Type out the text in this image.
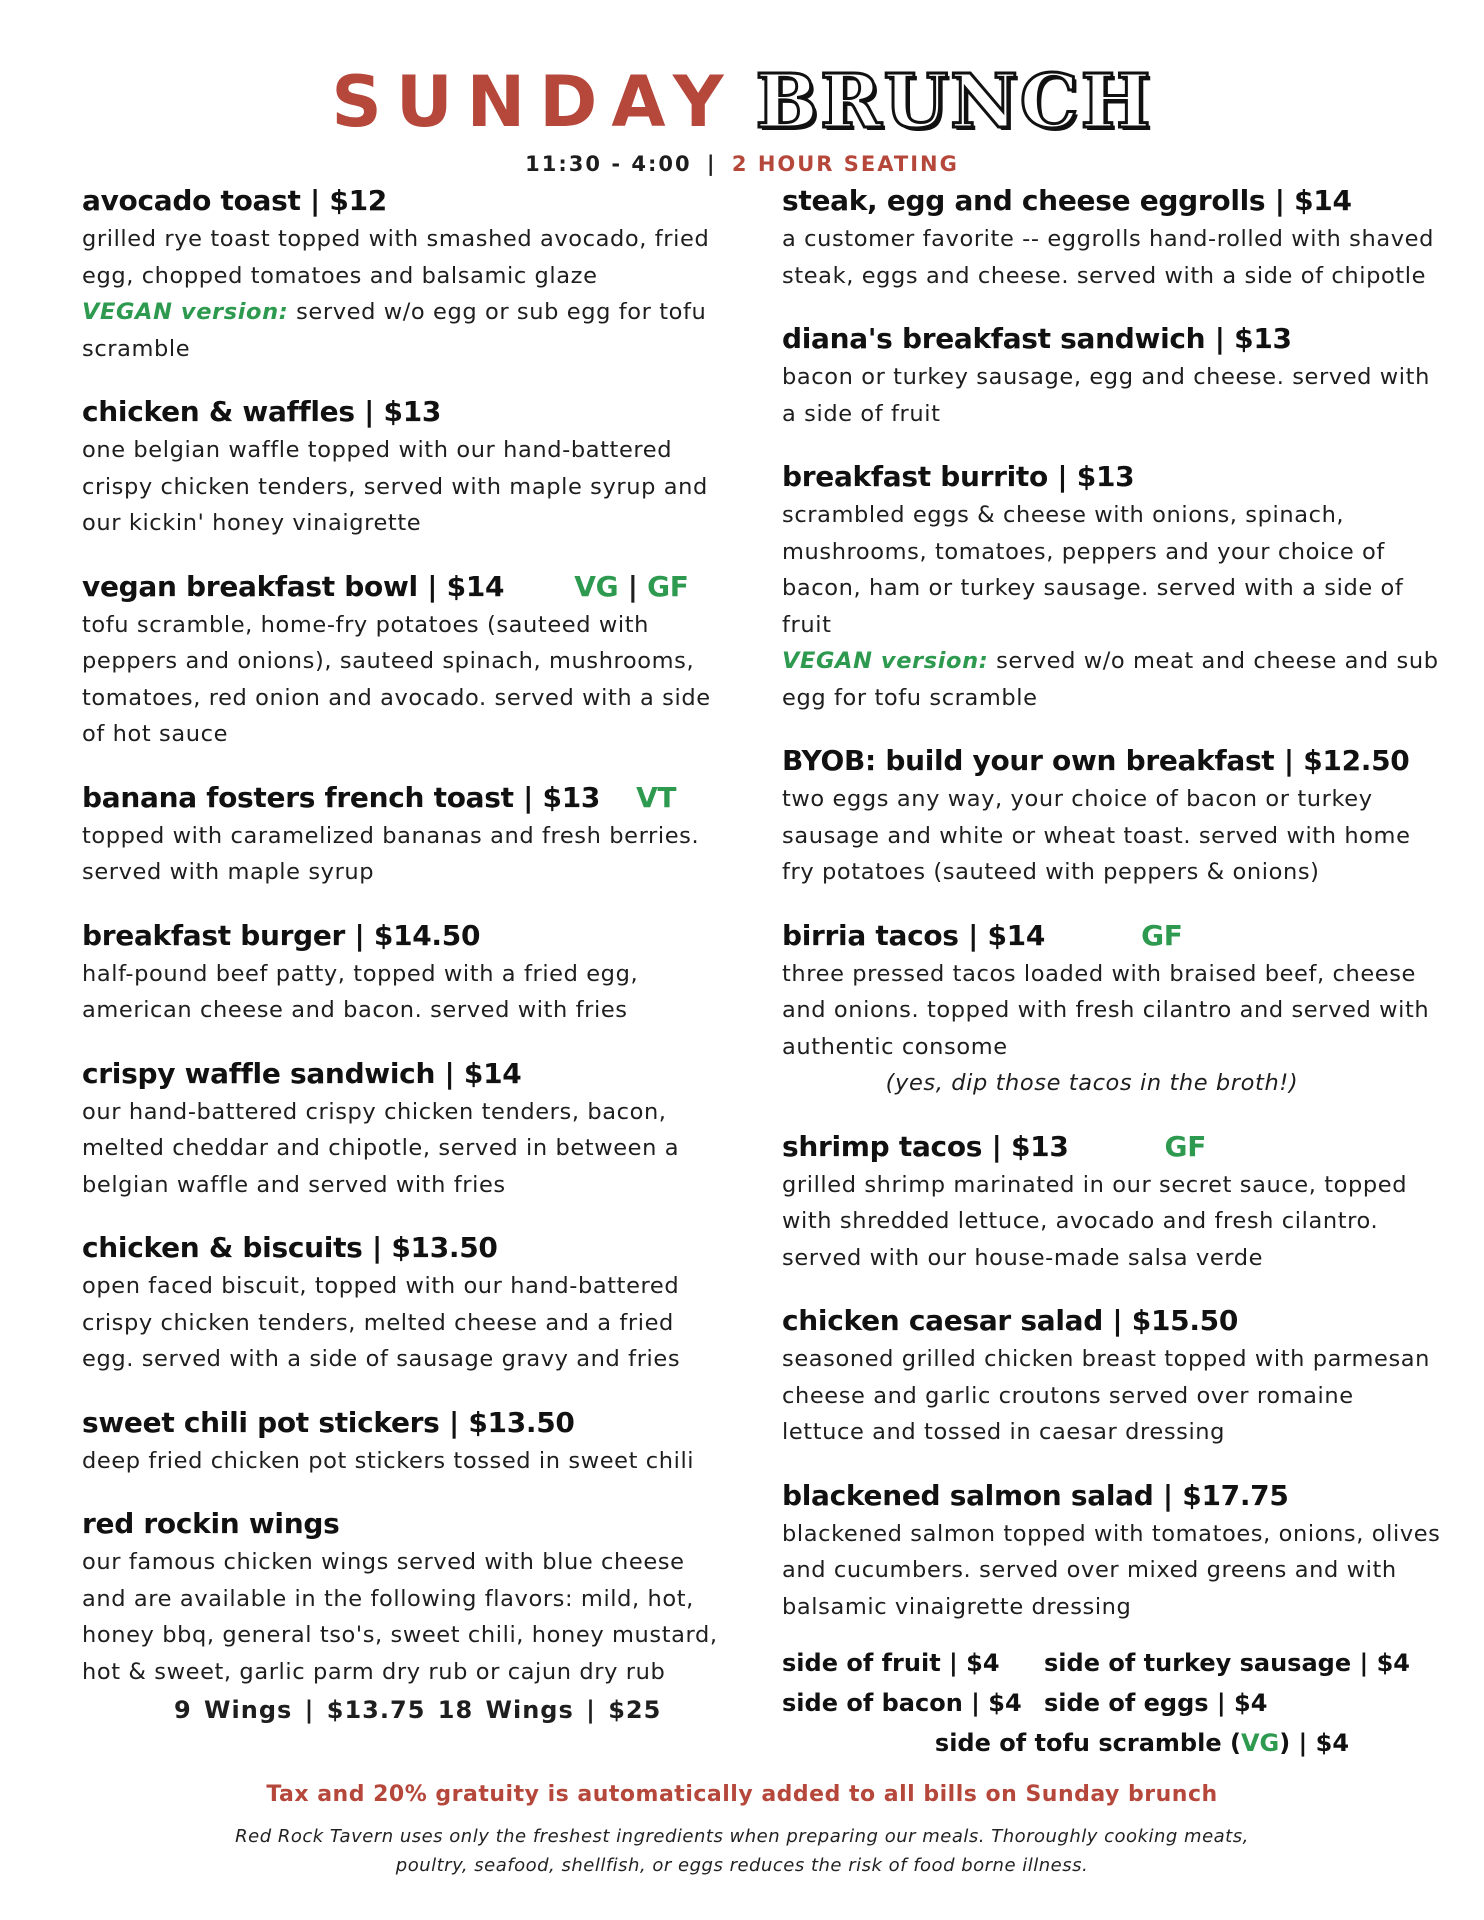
SUNDAY BRUNCH
11:30 - 4:00 | 2 HOUR SEATING
avocado toast | $12
grilled rye toast topped with smashed avocado, fried egg, chopped tomatoes and balsamic glaze
VEGAN version: served w/o egg or sub egg for tofu scramble
chicken & waffles | $13
one belgian waffle topped with our hand-battered crispy chicken tenders, served with maple syrup and our kickin' honey vinaigrette
vegan breakfast bowl | $14	VG | GF
tofu scramble, home-fry potatoes (sauteed with peppers and onions), sauteed spinach, mushrooms, tomatoes, red onion and avocado. served with a side of hot sauce
banana fosters french toast | $13 VT
topped with caramelized bananas and fresh berries. served with maple syrup
breakfast burger | $14.50
half-pound beef patty, topped with a fried egg, american cheese and bacon. served with fries
crispy waffle sandwich | $14
our hand-battered crispy chicken tenders, bacon, melted cheddar and chipotle, served in between a belgian waffle and served with fries
chicken & biscuits | $13.50
open faced biscuit, topped with our hand-battered crispy chicken tenders, melted cheese and a fried egg. served with a side of sausage gravy and fries
sweet chili pot stickers | $13.50
deep fried chicken pot stickers tossed in sweet chili
red rockin wings
our famous chicken wings served with blue cheese and are available in the following flavors: mild, hot, honey bbq, general tso's, sweet chili, honey mustard, hot & sweet, garlic parm dry rub or cajun dry rub
9 Wings | $13.75 18 Wings | $25
steak, egg and cheese eggrolls | $14
a customer favorite -- eggrolls hand-rolled with shaved steak, eggs and cheese. served with a side of chipotle
diana's breakfast sandwich | $13
bacon or turkey sausage, egg and cheese. served with a side of fruit
breakfast burrito | $13
scrambled eggs & cheese with onions, spinach, mushrooms, tomatoes, peppers and your choice of bacon, ham or turkey sausage. served with a side of fruit
VEGAN version: served w/o meat and cheese and sub egg for tofu scramble
BYOB: build your own breakfast | $12.50
two eggs any way, your choice of bacon or turkey sausage and white or wheat toast. served with home fry potatoes (sauteed with peppers & onions)
birria tacos | $14	GF
three pressed tacos loaded with braised beef, cheese and onions. topped with fresh cilantro and served with authentic consome
(yes, dip those tacos in the broth!)
shrimp tacos | $13	GF
grilled shrimp marinated in our secret sauce, topped with shredded lettuce, avocado and fresh cilantro. served with our house-made salsa verde
chicken caesar salad | $15.50
seasoned grilled chicken breast topped with parmesan cheese and garlic croutons served over romaine lettuce and tossed in caesar dressing
blackened salmon salad | $17.75
blackened salmon topped with tomatoes, onions, olives and cucumbers. served over mixed greens and with balsamic vinaigrette dressing
side of fruit | $4	side of turkey sausage | $4
side of bacon | $4 side of eggs | $4
side of tofu scramble ( VG ) | $4
Tax and 20% gratuity is automatically added to all bills on Sunday brunch
Red Rock Tavern uses only the freshest ingredients when preparing our meals. Thoroughly cooking meats,
poultry, seafood, shellfish, or eggs reduces the risk of food borne illness.
